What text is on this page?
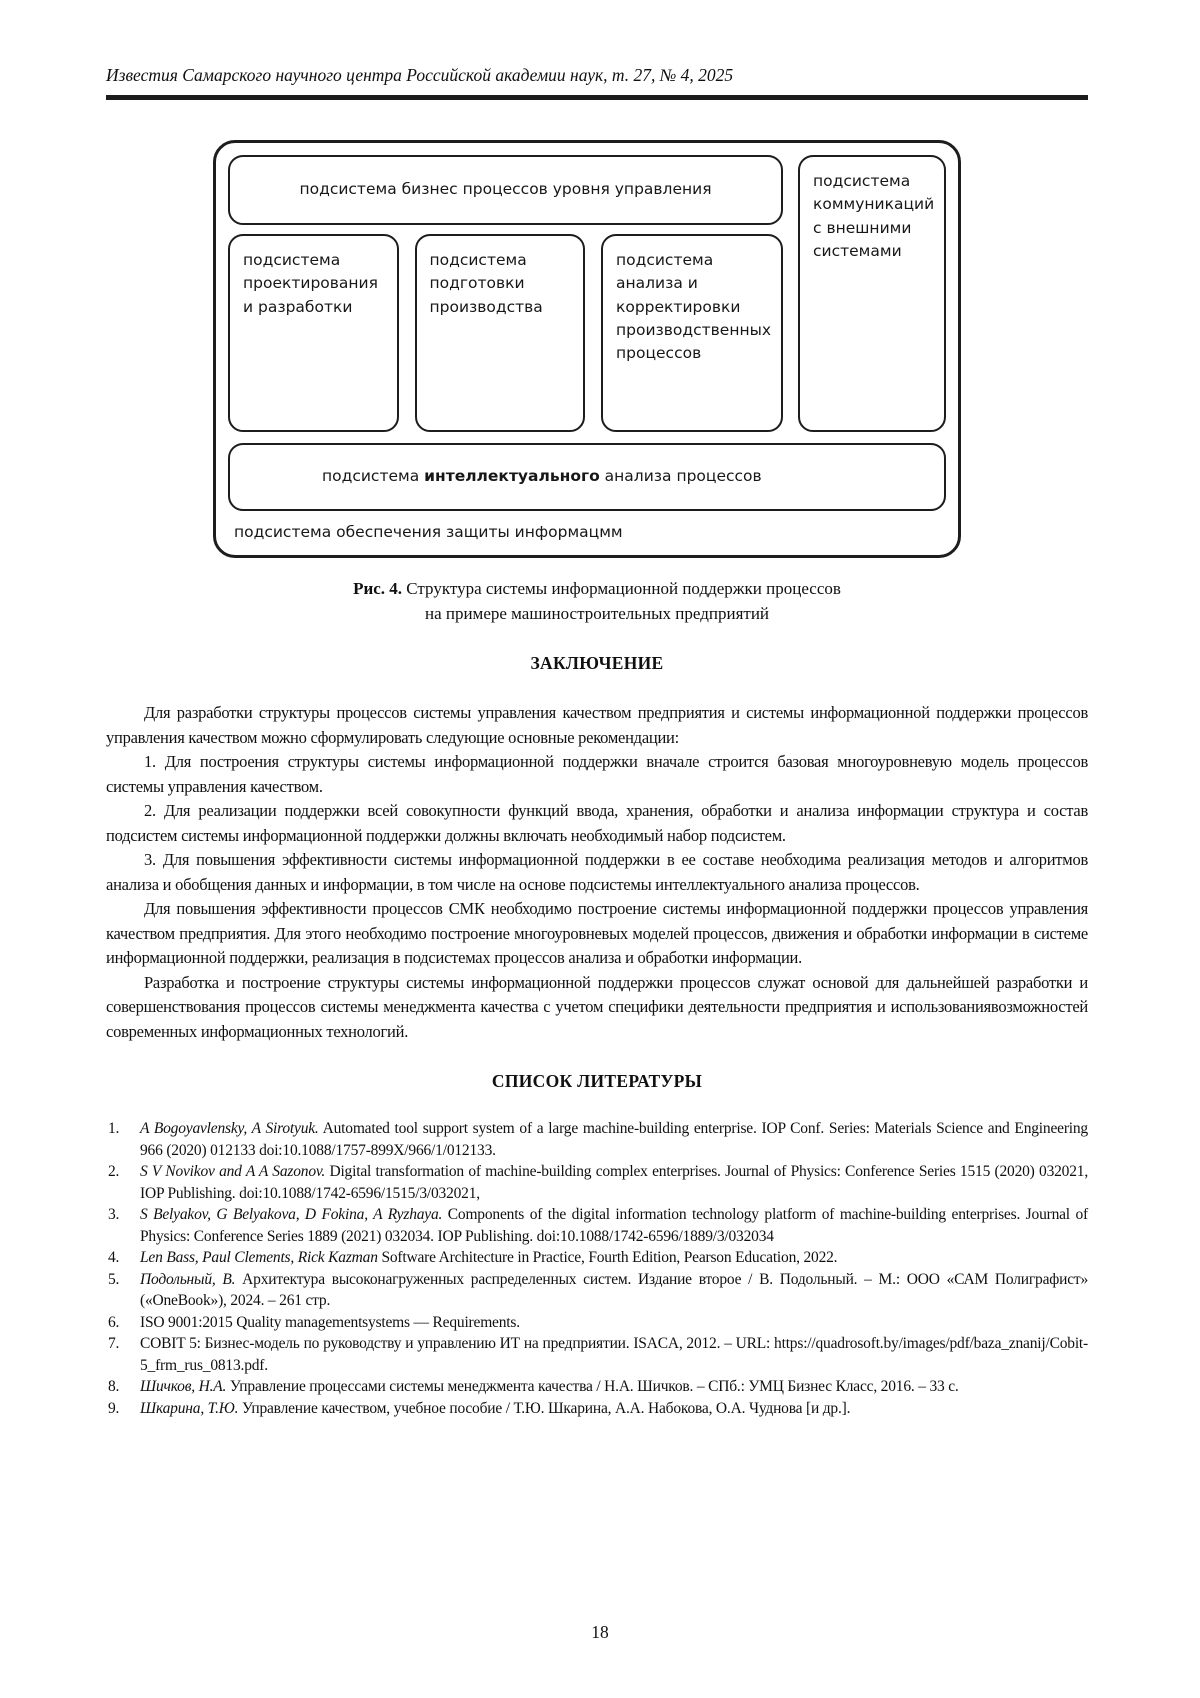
Известия Самарского научного центра Российской академии наук, т. 27, № 4, 2025
подсистема бизнес процессов уровня управления
подсистема проектирования и разработки
подсистема подготовки производства
подсистема анализа и корректировки производственных процессов
подсистема коммуникаций с внешними системами
подсистема интеллектуального анализа процессов
подсистема обеспечения защиты информацмм
Рис. 4. Структура системы информационной поддержки процессов
на примере машиностроительных предприятий
ЗАКЛЮЧЕНИЕ

Для разработки структуры процессов системы управления качеством предприятия и системы информационной поддержки процессов управления качеством можно сформулировать следующие основные рекомендации:

1. Для построения структуры системы информационной поддержки вначале строится базовая многоуровневую модель процессов системы управления качеством.

2. Для реализации поддержки всей совокупности функций ввода, хранения, обработки и анализа информации структура и состав подсистем системы информационной поддержки должны включать необходимый набор подсистем.

3. Для повышения эффективности системы информационной поддержки в ее составе необходима реализация методов и алгоритмов анализа и обобщения данных и информации, в том числе на основе подсистемы интеллектуального анализа процессов.

Для повышения эффективности процессов СМК необходимо построение системы информационной поддержки процессов управления качеством предприятия. Для этого необходимо построение многоуровневых моделей процессов, движения и обработки информации в системе информационной поддержки, реализация в подсистемах процессов анализа и обработки информации.

Разработка и построение структуры системы информационной поддержки процессов служат основой для дальнейшей разработки и совершенствования процессов системы менеджмента качества с учетом специфики деятельности предприятия и использованиявозможностей современных информационных технологий.

СПИСОК ЛИТЕРАТУРЫ
1. A Bogoyavlensky, A Sirotyuk. Automated tool support system of a large machine-building enterprise. IOP Conf. Series: Materials Science and Engineering 966 (2020) 012133 doi:10.1088/1757-899X/966/1/012133.
2. S V Novikov and A A Sazonov. Digital transformation of machine-building complex enterprises. Journal of Physics: Conference Series 1515 (2020) 032021, IOP Publishing. doi:10.1088/1742-6596/1515/3/032021,
3. S Belyakov, G Belyakova, D Fokina, A Ryzhaya. Components of the digital information technology platform of machine-building enterprises. Journal of Physics: Conference Series 1889 (2021) 032034. IOP Publishing. doi:10.1088/1742-6596/1889/3/032034
4. Len Bass, Paul Clements, Rick Kazman Software Architecture in Practice, Fourth Edition, Pearson Education, 2022.
5. Подольный, В. Архитектура высоконагруженных распределенных систем. Издание второе / В. Подольный. – М.: ООО «САМ Полиграфист» («OneBook»), 2024. – 261 стр.
6. ISO 9001:2015 Quality managementsystems — Requirements.
7. COBIT 5: Бизнес-модель по руководству и управлению ИТ на предприятии. ISACA, 2012. – URL: https://quadrosoft.by/images/pdf/baza_znanij/Cobit-5_frm_rus_0813.pdf.
8. Шичков, Н.А. Управление процессами системы менеджмента качества / Н.А. Шичков. – СПб.: УМЦ Бизнес Класс, 2016. – 33 с.
9. Шкарина, Т.Ю. Управление качеством, учебное пособие / Т.Ю. Шкарина, А.А. Набокова, О.А. Чуднова [и др.].
18
